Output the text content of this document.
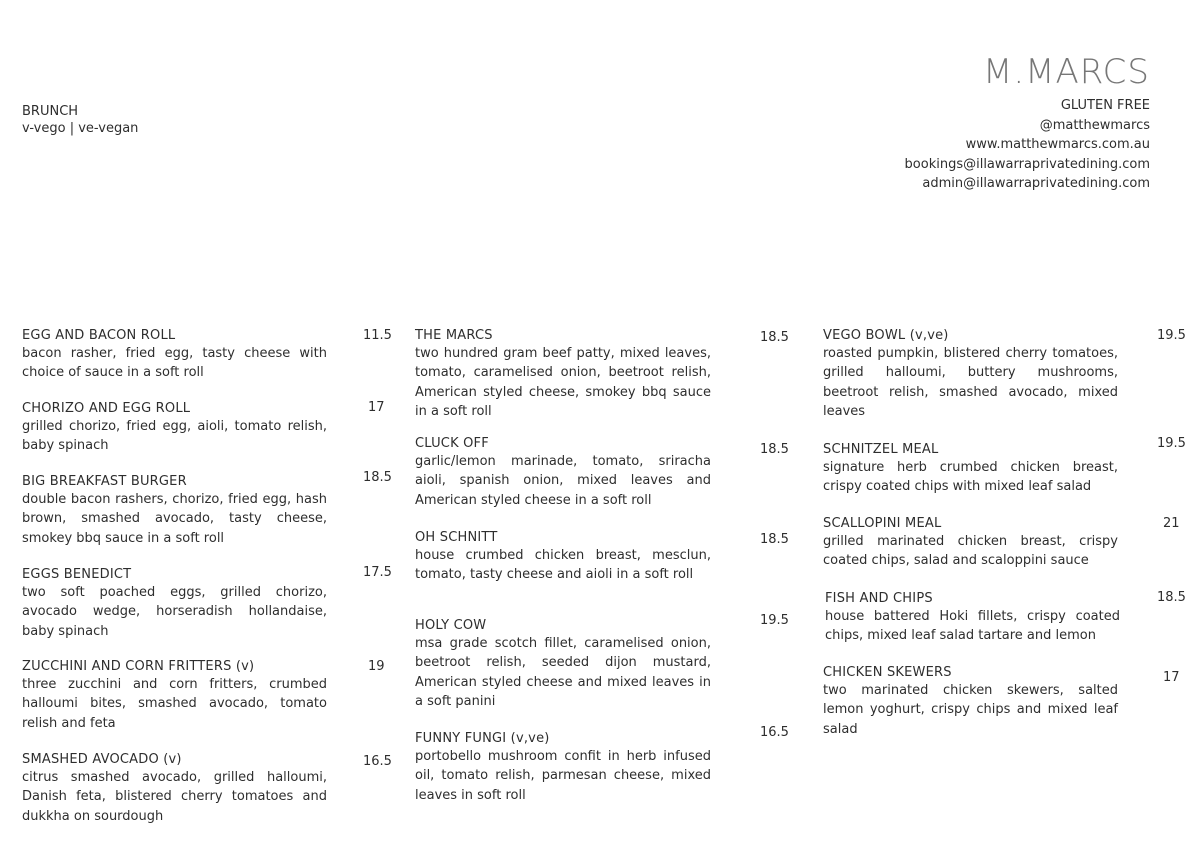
BRUNCH
v-vego | ve-vegan
M.MARCS
GLUTEN FREE
@matthewmarcs
www.matthewmarcs.com.au
bookings@illawarraprivatedining.com
admin@illawarraprivatedining.com
EGG AND BACON ROLL
bacon rasher, fried egg, tasty cheese with choice of sauce in a soft roll
11.5
CHORIZO AND EGG ROLL
grilled chorizo, fried egg, aioli, tomato relish, baby spinach
17
BIG BREAKFAST BURGER
double bacon rashers, chorizo, fried egg, hash brown, smashed avocado, tasty cheese, smokey bbq sauce in a soft roll
18.5
EGGS BENEDICT
two soft poached eggs, grilled chorizo, avocado wedge, horseradish hollandaise, baby spinach
17.5
ZUCCHINI AND CORN FRITTERS (v)
three zucchini and corn fritters, crumbed halloumi bites, smashed avocado, tomato relish and feta
19
SMASHED AVOCADO (v)
citrus smashed avocado, grilled halloumi, Danish feta, blistered cherry tomatoes and dukkha on sourdough
16.5
THE MARCS
two hundred gram beef patty, mixed leaves, tomato, caramelised onion, beetroot relish, American styled cheese, smokey bbq sauce in a soft roll
18.5
CLUCK OFF
garlic/lemon marinade, tomato, sriracha aioli, spanish onion, mixed leaves and American styled cheese in a soft roll
18.5
OH SCHNITT
house crumbed chicken breast, mesclun, tomato, tasty cheese and aioli in a soft roll
18.5
HOLY COW
msa grade scotch fillet, caramelised onion, beetroot relish, seeded dijon mustard, American styled cheese and mixed leaves in a soft panini
19.5
FUNNY FUNGI (v,ve)
portobello mushroom confit in herb infused oil, tomato relish, parmesan cheese, mixed leaves in soft roll
16.5
VEGO BOWL (v,ve)
roasted pumpkin, blistered cherry tomatoes, grilled halloumi, buttery mushrooms, beetroot relish, smashed avocado, mixed leaves
19.5
SCHNITZEL MEAL
signature herb crumbed chicken breast, crispy coated chips with mixed leaf salad
19.5
SCALLOPINI MEAL
grilled marinated chicken breast, crispy coated chips, salad and scaloppini sauce
21
FISH AND CHIPS
house battered Hoki fillets, crispy coated chips, mixed leaf salad tartare and lemon
18.5
CHICKEN SKEWERS
two marinated chicken skewers, salted lemon yoghurt, crispy chips and mixed leaf salad
17
